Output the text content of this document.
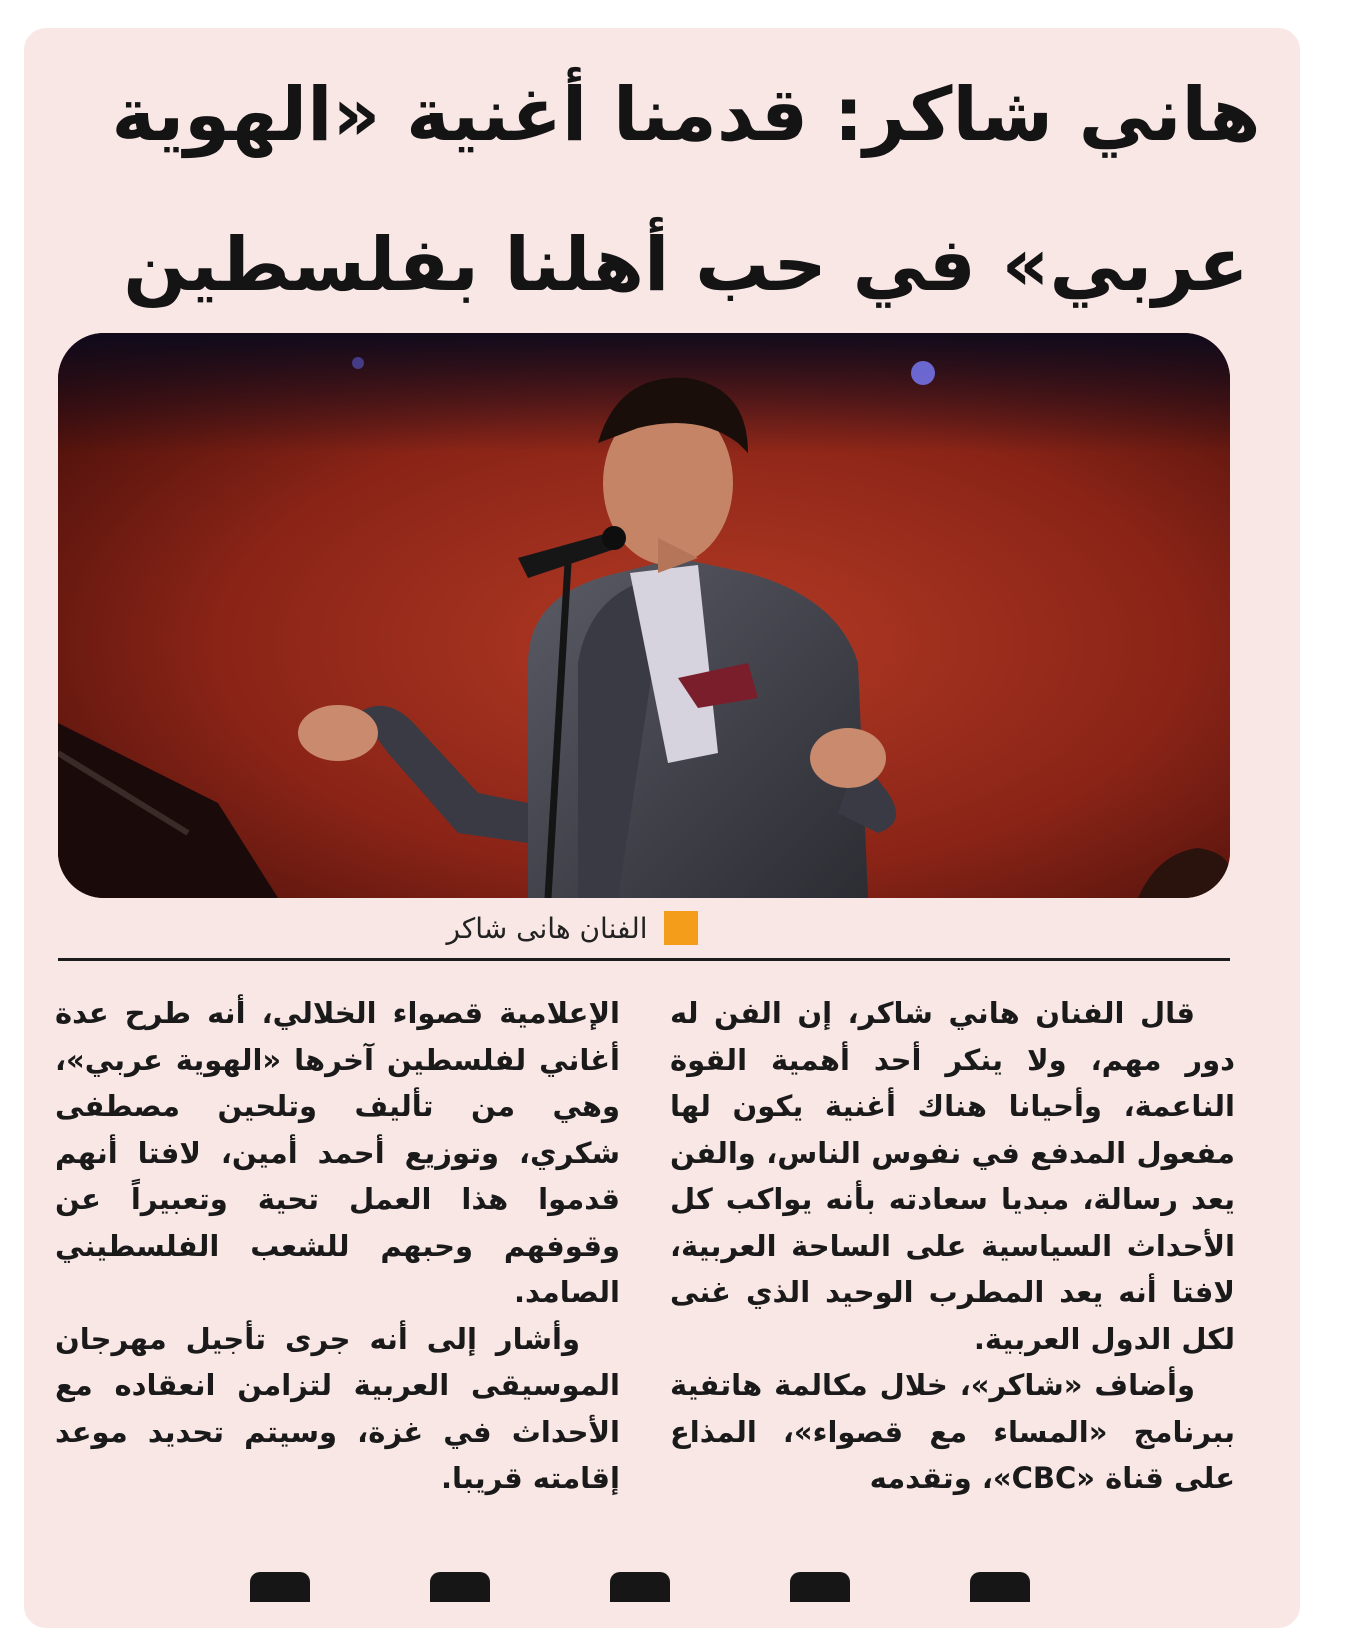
هاني شاكر: قدمنا أغنية «الهوية
عربي» في حب أهلنا بفلسطين
الفنان هانى شاكر

قال الفنان هاني شاكر، إن الفن له دور مهم، ولا ينكر أحد أهمية القوة الناعمة، وأحيانا هناك أغنية يكون لها مفعول المدفع في نفوس الناس، والفن يعد رسالة، مبديا سعادته بأنه يواكب كل الأحداث السياسية على الساحة العربية، لافتا أنه يعد المطرب الوحيد الذي غنى لكل الدول العربية.

وأضاف «شاكر»، خلال مكالمة هاتفية ببرنامج «المساء مع قصواء»، المذاع على قناة «CBC»، وتقدمه

الإعلامية قصواء الخلالي، أنه طرح عدة أغاني لفلسطين آخرها «الهوية عربي»، وهي من تأليف وتلحين مصطفى شكري، وتوزيع أحمد أمين، لافتا أنهم قدموا هذا العمل تحية وتعبيراً عن وقوفهم وحبهم للشعب الفلسطيني الصامد.

وأشار إلى أنه جرى تأجيل مهرجان الموسيقى العربية لتزامن انعقاده مع الأحداث في غزة، وسيتم تحديد موعد إقامته قريبا.
